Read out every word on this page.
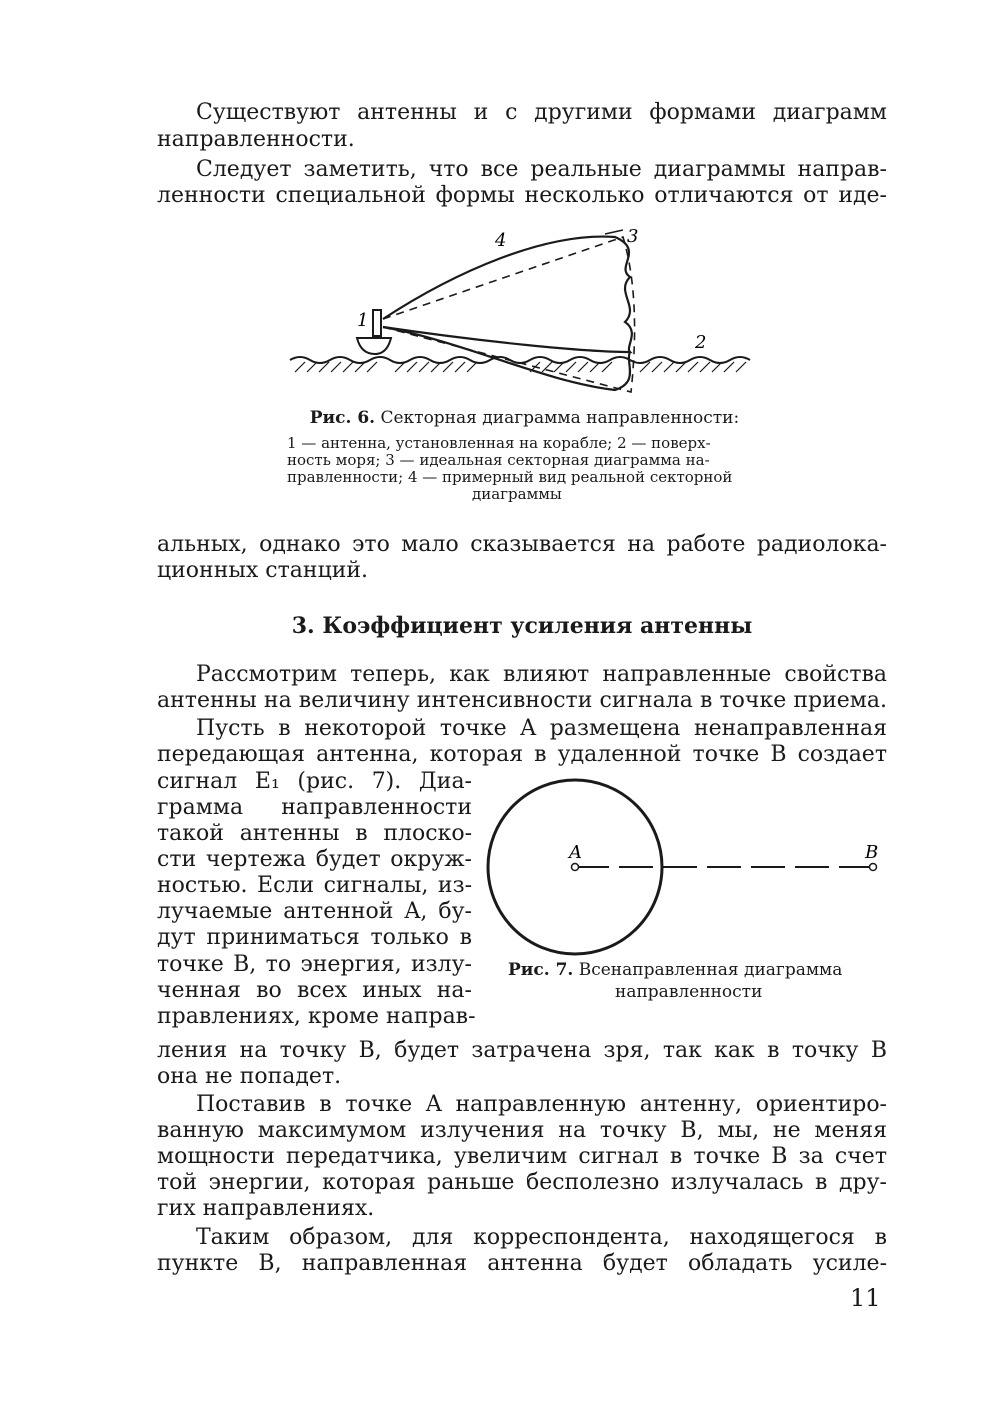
Существуют антенны и с другими формами диаграмм
направленности.
Следует заметить, что все реальные диаграммы направ-
ленности специальной формы несколько отличаются от иде-
1
2
3
4
Рис. 6. Секторная диаграмма направленности:
1 — антенна, установленная на корабле; 2 — поверх-
ность моря; 3 — идеальная секторная диаграмма на-
правленности; 4 — примерный вид реальной секторной
диаграммы
альных, однако это мало сказывается на работе радиолока-
ционных станций.
3. Коэффициент усиления антенны
Рассмотрим теперь, как влияют направленные свойства
антенны на величину интенсивности сигнала в точке приема.
Пусть в некоторой точке A размещена ненаправленная
передающая антенна, которая в удаленной точке B создает
сигнал E₁ (рис. 7). Диа-
грамма направленности
такой антенны в плоско-
сти чертежа будет окруж-
ностью. Если сигналы, из-
лучаемые антенной A, бу-
дут приниматься только в
точке B, то энергия, излу-
ченная во всех иных на-
правлениях, кроме направ-
A	B
Рис. 7. Всенаправленная диаграмма
направленности
ления на точку B, будет затрачена зря, так как в точку B
она не попадет.
Поставив в точке A направленную антенну, ориентиро-
ванную максимумом излучения на точку B, мы, не меняя
мощности передатчика, увеличим сигнал в точке B за счет
той энергии, которая раньше бесполезно излучалась в дру-
гих направлениях.
Таким образом, для корреспондента, находящегося в
пункте B, направленная антенна будет обладать усиле-
11
